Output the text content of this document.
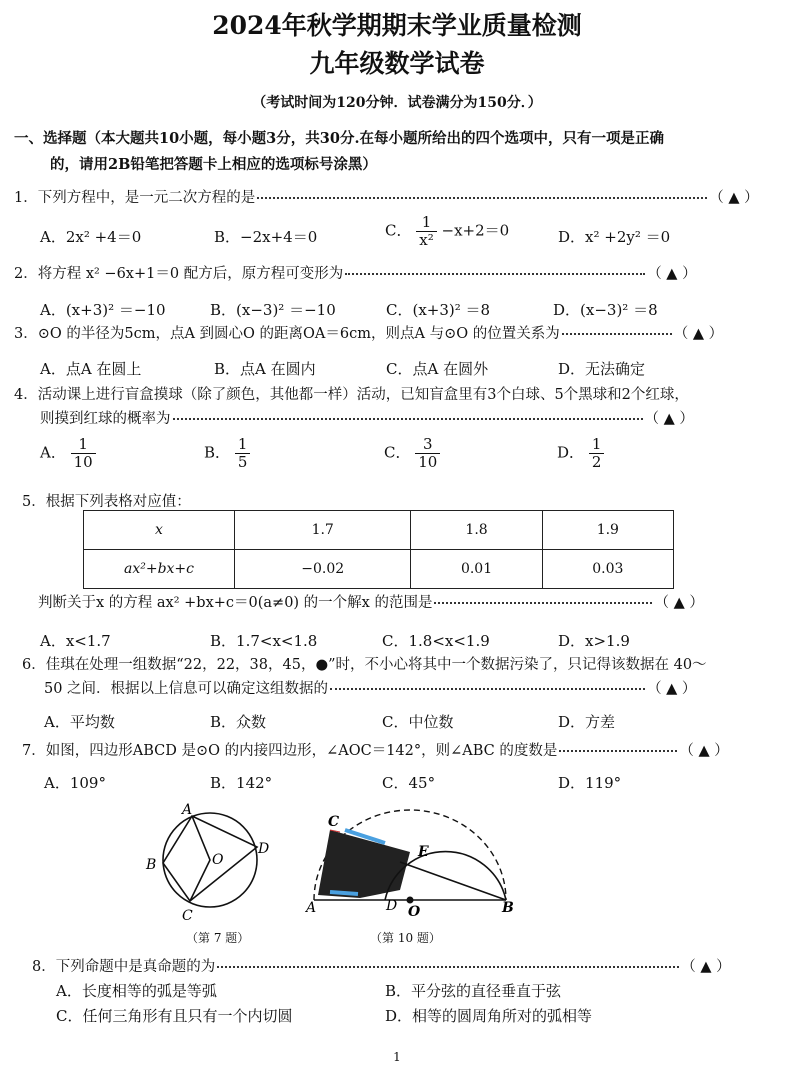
2024年秋学期期末学业质量检测
九年级数学试卷
（考试时间为120分钟．试卷满分为150分．）
一、选择题（本大题共10小题，每小题3分，共30分.在每小题所给出的四个选项中，只有一项是正确
的，请用2B铅笔把答题卡上相应的选项标号涂黑）
1．下列方程中，是一元二次方程的是	（ ▲ ）
A．2x² +4＝0	B．−2x+4＝0	C． $\frac{1}{\text{x²}} -x+2=0$	D．x² +2y² ＝0
2．将方程 x² −6x+1＝0 配方后，原方程可变形为	（ ▲ ）
A．(x+3)² ＝−10	B．(x−3)² ＝−10	C．(x+3)² ＝8	D．(x−3)² ＝8
3．⊙O 的半径为5cm，点A 到圆心O 的距离OA＝6cm，则点A 与⊙O 的位置关系为	（ ▲ ）
A．点A 在圆上	B．点A 在圆内	C．点A 在圆外	D．无法确定
4．活动课上进行盲盒摸球（除了颜色，其他都一样）活动，已知盲盒里有3个白球、5个黑球和2个红球，
则摸到红球的概率为	（ ▲ ）
A． $\frac{1}{10}$	B． $\frac{1}{5}$	C． $\frac{3}{10}$	D． $\frac{1}{2}$
5．根据下列表格对应值：
x	1.7	1.8	1.9
ax²+bx+c	−0.02	0.01	0.03
判断关于x 的方程 ax² +bx+c＝0(a≠0) 的一个解x 的范围是	（ ▲ ）
A．x<1.7	B．1.7<x<1.8	C．1.8<x<1.9	D．x>1.9
6．佳琪在处理一组数据“22，22，38，45，●”时，不小心将其中一个数据污染了，只记得该数据在 40～
50 之间．根据以上信息可以确定这组数据的	（ ▲ ）
A．平均数	B．众数	C．中位数	D．方差
7．如图，四边形ABCD 是⊙O 的内接四边形，∠AOC＝142°，则∠ABC 的度数是	（ ▲ ）
A．109°	B．142°	C．45°	D．119°
A
B	O
D
C
（第 7 题）
C
E
A	D O	B
（第 10 题）
8．下列命题中是真命题的为	（ ▲ ）
A．长度相等的弧是等弧	B．平分弦的直径垂直于弦
C．任何三角形有且只有一个内切圆	D．相等的圆周角所对的弧相等
1
